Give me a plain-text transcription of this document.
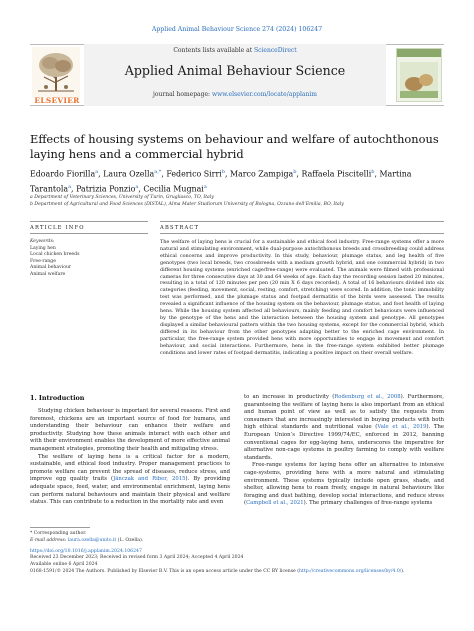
Applied Animal Behaviour Science 274 (2024) 106247
Contents lists available at ScienceDirect
Applied Animal Behaviour Science
journal homepage: www.elsevier.com/locate/applanim
ELSEVIER
Effects of housing systems on behaviour and welfare of autochthonous laying hens and a commercial hybrid
Edoardo Fiorilla$^a$, Laura Ozella$^{a,*}$, Federico Sirri$^b$, Marco Zampiga$^b$, Raffaela Piscitelli$^b$, Martina Tarantola$^a$, Patrizia Ponzio$^a$, Cecilia Mugnai$^a$
a Department of Veterinary Sciences, University of Turin, Grugliasco, TO, Italy
b Department of Agricultural and Food Sciences (DISTAL), Alma Mater Studiorum University of Bologna, Ozzano dell’Emilia, BO, Italy
ARTICLE INFO	ABSTRACT
Keywords:
Laying hen
Local chicken breeds
Free-range
Animal behaviour
Animal welfare
The welfare of laying hens is crucial for a sustainable and ethical food industry. Free-range systems offer a more natural and stimulating environment, while dual-purpose autochthonous breeds and crossbreeding could address ethical concerns and improve productivity. In this study, behaviour, plumage status, and leg health of five genotypes (two local breeds, two crossbreeds with a medium growth hybrid, and one commercial hybrid) in two different housing systems (enriched cage/free-range) were evaluated. The animals were filmed with professional cameras for three consecutive days at 30 and 64 weeks of age. Each day the recording session lasted 20 minutes, resulting in a total of 120 minutes per pen (20 min X 6 days recorded). A total of 16 behaviours divided into six categories (feeding, movement, social, resting, comfort, stretching) were scored. In addition, the tonic immobility test was performed, and the plumage status and footpad dermatitis of the birds were assessed. The results revealed a significant influence of the housing system on the behaviour, plumage status, and foot health of laying hens. While the housing system affected all behaviours, mainly feeding and comfort behaviours were influenced by the genotype of the hens and the interaction between the housing system and genotype. All genotypes displayed a similar behavioural pattern within the two housing systems, except for the commercial hybrid, which differed in its behaviour from the other genotypes adapting better to the enriched cage environment. In particular, the free-range system provided hens with more opportunities to engage in movement and comfort behaviour, and social interactions. Furthermore, hens in the free-range system exhibited better plumage conditions and lower rates of footpad dermatitis, indicating a positive impact on their overall welfare.
1. Introduction

Studying chicken behaviour is important for several reasons. First and foremost, chickens are an important source of food for humans, and understanding their behaviour can enhance their welfare and productivity. Studying how these animals interact with each other and with their environment enables the development of more effective animal management strategies, promoting their health and mitigating stress.

The welfare of laying hens is a critical factor for a modern, sustainable, and ethical food industry. Proper management practices to promote welfare can prevent the spread of diseases, reduce stress, and improve egg quality traits (Jänczak and Riber, 2015). By providing adequate space, feed, water, and environmental enrichment, laying hens can perform natural behaviours and maintain their physical and welfare status. This can contribute to a reduction in the mortality rate and even

to an increase in productivity (Rodenburg et al., 2008). Furthermore, guaranteeing the welfare of laying hens is also important from an ethical and human point of view as well as to satisfy the requests from consumers that are increasingly interested in buying products with both high ethical standards and nutritional value (Vale et al., 2019). The European Union’s Directive 1999/74/EC, enforced in 2012, banning conventional cages for egg-laying hens, underscores the imperative for alternative non-cage systems in poultry farming to comply with welfare standards.

Free-range systems for laying hens offer an alternative to intensive cage-systems, providing hens with a more natural and stimulating environment. These systems typically include open grass, shade, and shelter, allowing hens to roam freely, engage in natural behaviours like foraging and dust bathing, develop social interactions, and reduce stress (Campbell et al., 2021). The primary challenges of free-range systems

* Corresponding author.
E-mail address: laura.ozella@unito.it (L. Ozella).
https://doi.org/10.1016/j.applanim.2024.106247
Received 23 December 2023; Received in revised form 3 April 2024; Accepted 4 April 2024
Available online 6 April 2024
0168-1591/© 2024 The Authors. Published by Elsevier B.V. This is an open access article under the CC BY license (http://creativecommons.org/licenses/by/4.0/).
